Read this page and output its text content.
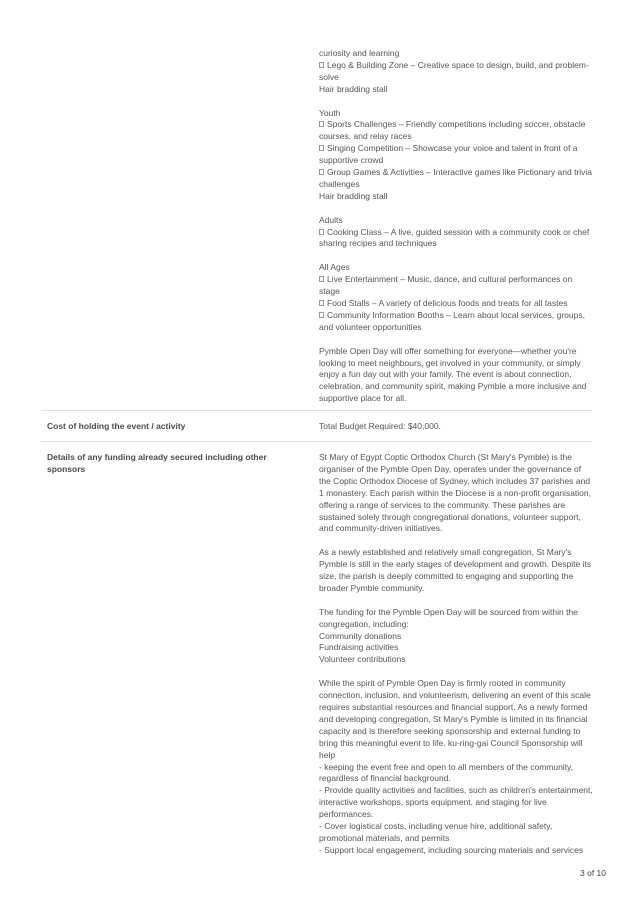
curiosity and learning
Lego & Building Zone – Creative space to design, build, and problem-
solve
Hair bradding stall
Youth
Sports Challenges – Friendly competitions including soccer, obstacle
courses, and relay races
Singing Competition – Showcase your voice and talent in front of a
supportive crowd
Group Games & Activities – Interactive games like Pictionary and trivia
challenges
Hair bradding stall
Adults
Cooking Class – A live, guided session with a community cook or chef
sharing recipes and techniques
All Ages
Live Entertainment – Music, dance, and cultural performances on
stage
Food Stalls – A variety of delicious foods and treats for all tastes
Community Information Booths – Learn about local services, groups,
and volunteer opportunities
Pymble Open Day will offer something for everyone—whether you're
looking to meet neighbours, get involved in your community, or simply
enjoy a fun day out with your family. The event is about connection,
celebration, and community spirit, making Pymble a more inclusive and
supportive place for all.
Cost of holding the event / activity	Total Budget Required: $40,000.
Details of any funding already secured including other
sponsors
St Mary of Egypt Coptic Orthodox Church (St Mary's Pymble) is the
organiser of the Pymble Open Day, operates under the governance of
the Coptic Orthodox Diocese of Sydney, which includes 37 parishes and
1 monastery. Each parish within the Diocese is a non-profit organisation,
offering a range of services to the community. These parishes are
sustained solely through congregational donations, volunteer support,
and community-driven initiatives.
As a newly established and relatively small congregation, St Mary's
Pymble is still in the early stages of development and growth. Despite its
size, the parish is deeply committed to engaging and supporting the
broader Pymble community.
The funding for the Pymble Open Day will be sourced from within the
congregation, including:
Community donations
Fundraising activities
Volunteer contributions
While the spirit of Pymble Open Day is firmly rooted in community
connection, inclusion, and volunteerism, delivering an event of this scale
requires substantial resources and financial support. As a newly formed
and developing congregation, St Mary's Pymble is limited in its financial
capacity and is therefore seeking sponsorship and external funding to
bring this meaningful event to life. ku-ring-gai Council Sponsorship will
help
- keeping the event free and open to all members of the community,
regardless of financial background.
- Provide quality activities and facilities, such as children's entertainment,
interactive workshops, sports equipment, and staging for live
performances.
- Cover logistical costs, including venue hire, additional safety,
promotional materials, and permits
- Support local engagement, including sourcing materials and services
3 of 10
